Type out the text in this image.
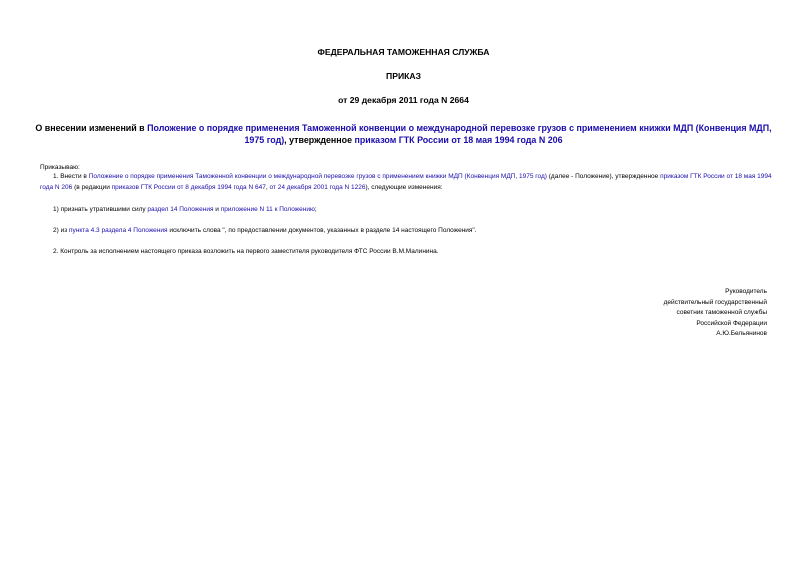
ФЕДЕРАЛЬНАЯ ТАМОЖЕННАЯ СЛУЖБА
ПРИКАЗ
от 29 декабря 2011 года N 2664
О внесении изменений в Положение о порядке применения Таможенной конвенции о международной перевозке грузов с применением книжки МДП (Конвенция МДП, 1975 год), утвержденное приказом ГТК России от 18 мая 1994 года N 206
Приказываю:
1. Внести в Положение о порядке применения Таможенной конвенции о международной перевозке грузов с применением книжки МДП (Конвенция МДП, 1975 год) (далее - Положение), утвержденное приказом ГТК России от 18 мая 1994 года N 206 (в редакции приказов ГТК России от 8 декабря 1994 года N 647, от 24 декабря 2001 года N 1226), следующие изменения:
1) признать утратившими силу раздел 14 Положения и приложение N 11 к Положению;
2) из пункта 4.3 раздела 4 Положения исключить слова ", по предоставлении документов, указанных в разделе 14 настоящего Положения".
2. Контроль за исполнением настоящего приказа возложить на первого заместителя руководителя ФТС России В.М.Малинина.
Руководитель
действительный государственный
советник таможенной службы
Российской Федерации
А.Ю.Бельянинов
